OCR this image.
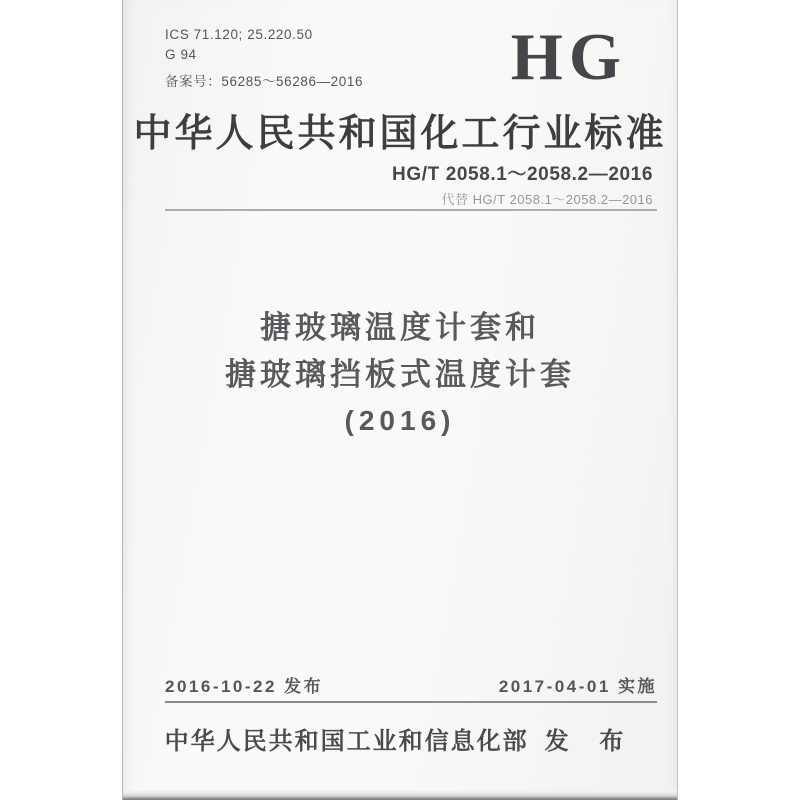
ICS 71.120; 25.220.50
G 94
备案号：56285～56286—2016 HG
中华人民共和国化工行业标准
HG/T 2058.1～2058.2—2016
代替 HG/T 2058.1～2058.2—2016
搪玻璃温度计套和
搪玻璃挡板式温度计套
(2016)
2016-10-22 发布	2017-04-01 实施
中华人民共和国工业和信息化部 发 布
